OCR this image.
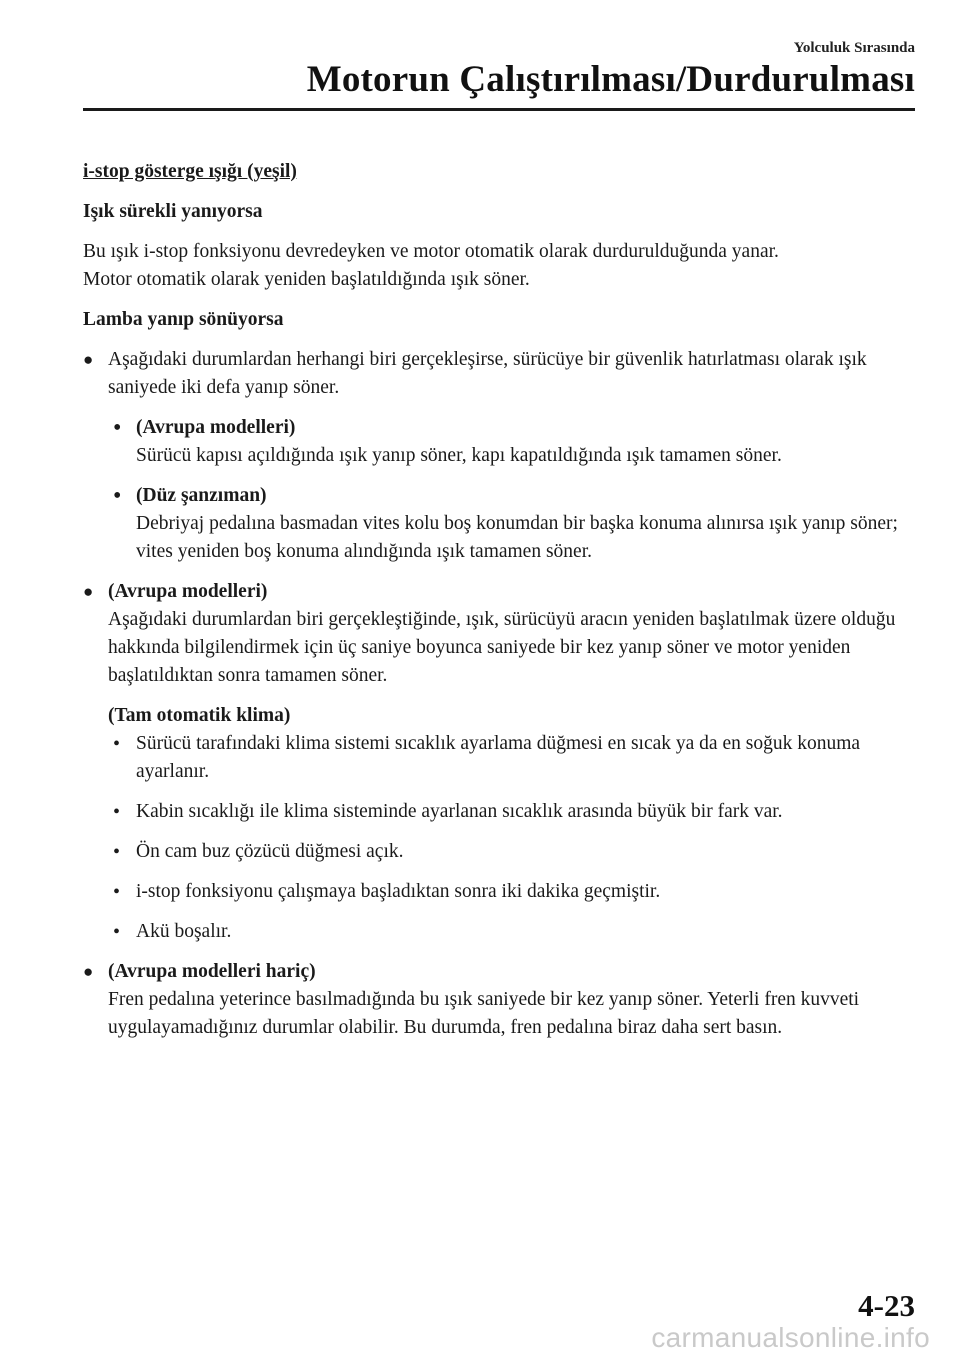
Yolculuk Sırasında
Motorun Çalıştırılması/Durdurulması

i-stop gösterge ışığı (yeşil)

Işık sürekli yanıyorsa

Bu ışık i-stop fonksiyonu devredeyken ve motor otomatik olarak durdurulduğunda yanar.
Motor otomatik olarak yeniden başlatıldığında ışık söner.

Lamba yanıp sönüyorsa

● Aşağıdaki durumlardan herhangi biri gerçekleşirse, sürücüye bir güvenlik hatırlatması olarak ışık saniyede iki defa yanıp söner.
• (Avrupa modelleri)
Sürücü kapısı açıldığında ışık yanıp söner, kapı kapatıldığında ışık tamamen söner.
• (Düz şanzıman)
Debriyaj pedalına basmadan vites kolu boş konumdan bir başka konuma alınırsa ışık yanıp söner; vites yeniden boş konuma alındığında ışık tamamen söner.
● (Avrupa modelleri)
Aşağıdaki durumlardan biri gerçekleştiğinde, ışık, sürücüyü aracın yeniden başlatılmak üzere olduğu hakkında bilgilendirmek için üç saniye boyunca saniyede bir kez yanıp söner ve motor yeniden başlatıldıktan sonra tamamen söner.

(Tam otomatik klima)

• Sürücü tarafındaki klima sistemi sıcaklık ayarlama düğmesi en sıcak ya da en soğuk konuma ayarlanır.
• Kabin sıcaklığı ile klima sisteminde ayarlanan sıcaklık arasında büyük bir fark var.
• Ön cam buz çözücü düğmesi açık.
• i-stop fonksiyonu çalışmaya başladıktan sonra iki dakika geçmiştir.
• Akü boşalır.
● (Avrupa modelleri hariç)
Fren pedalına yeterince basılmadığında bu ışık saniyede bir kez yanıp söner. Yeterli fren kuvveti uygulayamadığınız durumlar olabilir. Bu durumda, fren pedalına biraz daha sert basın.
4-23
carmanualsonline.info
